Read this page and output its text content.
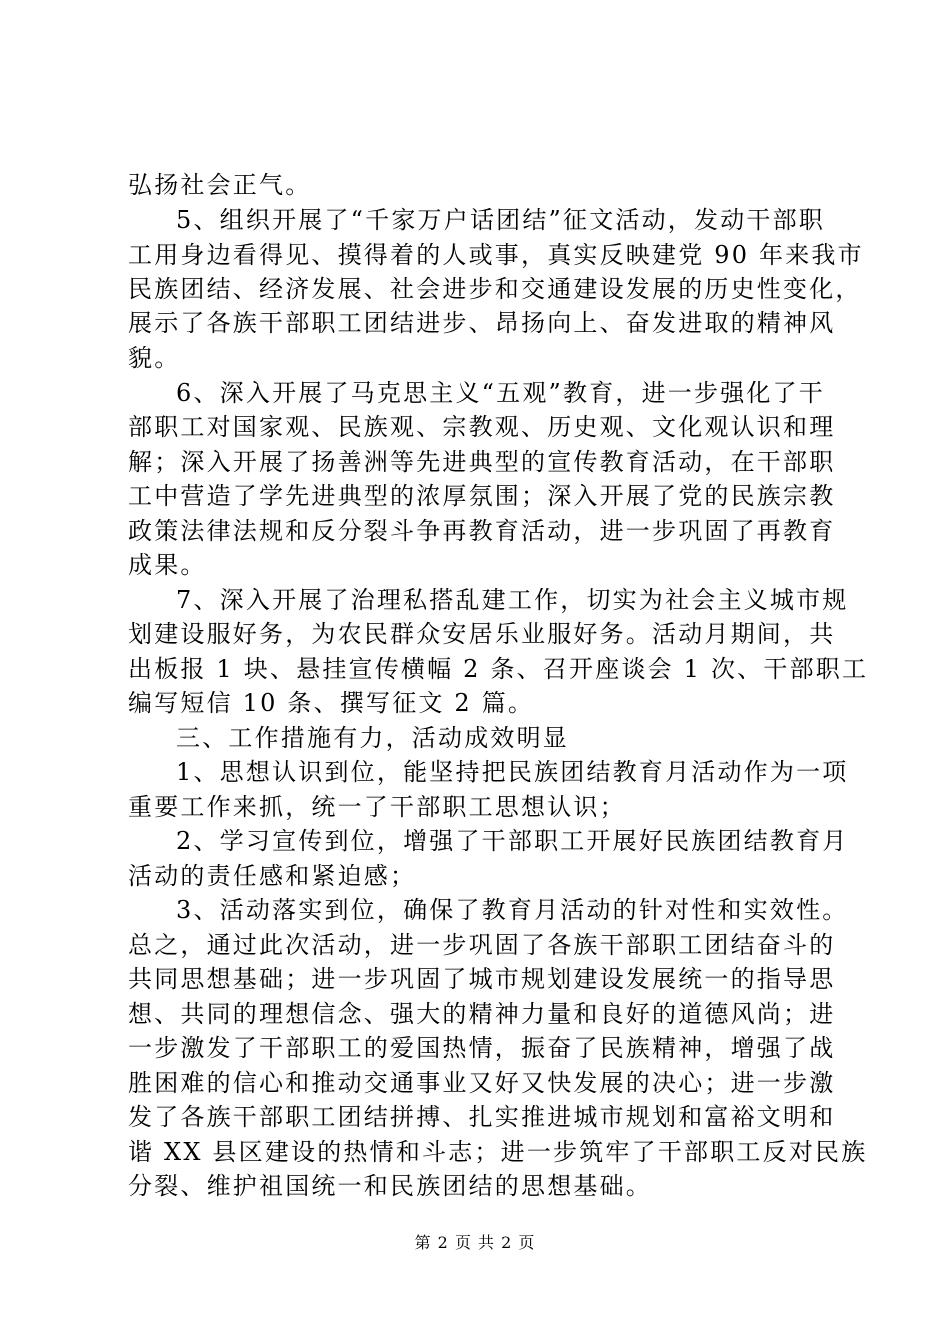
弘扬社会正气。
5、组织开展了“千家万户话团结”征文活动，发动干部职
工用身边看得见、摸得着的人或事，真实反映建党 90 年来我市
民族团结、经济发展、社会进步和交通建设发展的历史性变化，
展示了各族干部职工团结进步、昂扬向上、奋发进取的精神风
貌。
6、深入开展了马克思主义“五观”教育，进一步强化了干
部职工对国家观、民族观、宗教观、历史观、文化观认识和理
解；深入开展了扬善洲等先进典型的宣传教育活动，在干部职
工中营造了学先进典型的浓厚氛围；深入开展了党的民族宗教
政策法律法规和反分裂斗争再教育活动，进一步巩固了再教育
成果。
7、深入开展了治理私搭乱建工作，切实为社会主义城市规
划建设服好务，为农民群众安居乐业服好务。活动月期间，共
出板报 1 块、悬挂宣传横幅 2 条、召开座谈会 1 次、干部职工
编写短信 10 条、撰写征文 2 篇。
三、工作措施有力，活动成效明显
1、思想认识到位，能坚持把民族团结教育月活动作为一项
重要工作来抓，统一了干部职工思想认识；
2、学习宣传到位，增强了干部职工开展好民族团结教育月
活动的责任感和紧迫感；
3、活动落实到位，确保了教育月活动的针对性和实效性。
总之，通过此次活动，进一步巩固了各族干部职工团结奋斗的
共同思想基础；进一步巩固了城市规划建设发展统一的指导思
想、共同的理想信念、强大的精神力量和良好的道德风尚；进
一步激发了干部职工的爱国热情，振奋了民族精神，增强了战
胜困难的信心和推动交通事业又好又快发展的决心；进一步激
发了各族干部职工团结拼搏、扎实推进城市规划和富裕文明和
谐 XX 县区建设的热情和斗志；进一步筑牢了干部职工反对民族
分裂、维护祖国统一和民族团结的思想基础。
第 2 页 共 2 页
